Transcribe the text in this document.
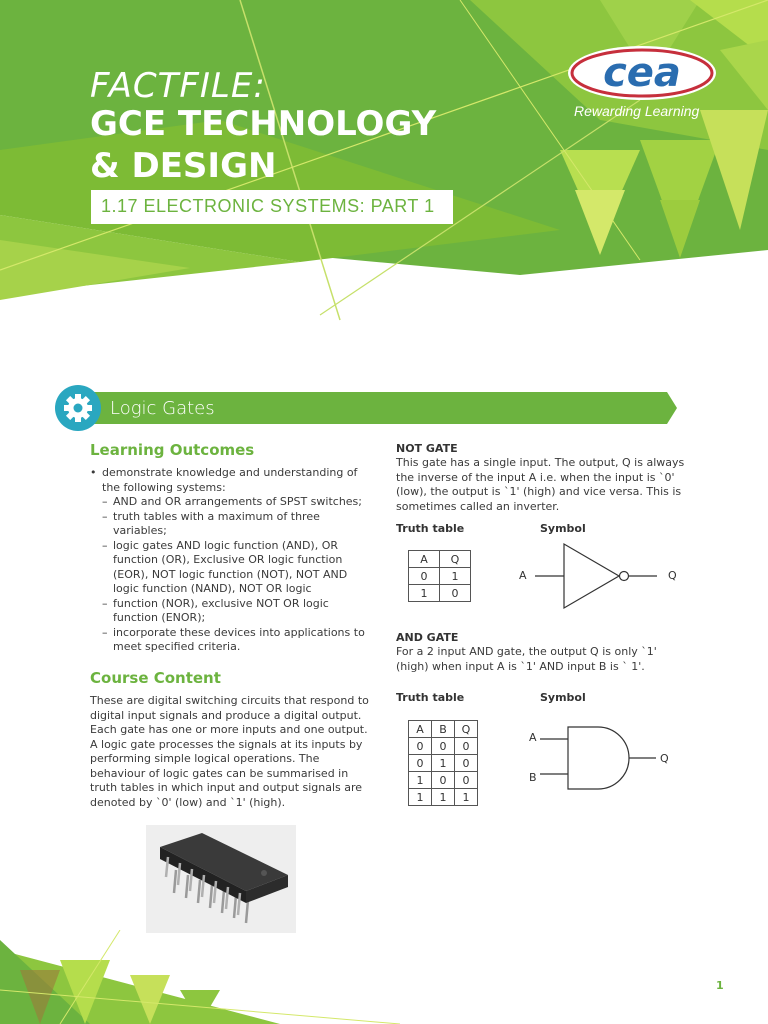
FACTFILE:
GCE TECHNOLOGY
& DESIGN
1.17 ELECTRONIC SYSTEMS: PART 1
cea
Rewarding Learning
Logic Gates
Learning Outcomes
• demonstrate knowledge and understanding of the following systems:
– AND and OR arrangements of SPST switches;
– truth tables with a maximum of three variables;
– logic gates AND logic function (AND), OR function (OR), Exclusive OR logic function (EOR), NOT logic function (NOT), NOT AND logic function (NAND), NOT OR logic
– function (NOR), exclusive NOT OR logic function (ENOR);
– incorporate these devices into applications to meet specified criteria.
Course Content
These are digital switching circuits that respond to digital input signals and produce a digital output. Each gate has one or more inputs and one output. A logic gate processes the signals at its inputs by performing simple logical operations. The behaviour of logic gates can be summarised in truth tables in which input and output signals are denoted by `0' (low) and `1' (high).
NOT GATE
This gate has a single input. The output, Q is always the inverse of the input A i.e. when the input is `0' (low), the output is `1' (high) and vice versa. This is sometimes called an inverter.
Truth table	Symbol
A	Q
0	1
1	0
A	Q
AND GATE
For a 2 input AND gate, the output Q is only `1' (high) when input A is `1' AND input B is ` 1'.
Truth table	Symbol
A	B	Q
0	0	0
0	1	0
1	0	0
1	1	1
A
B
Q
1
